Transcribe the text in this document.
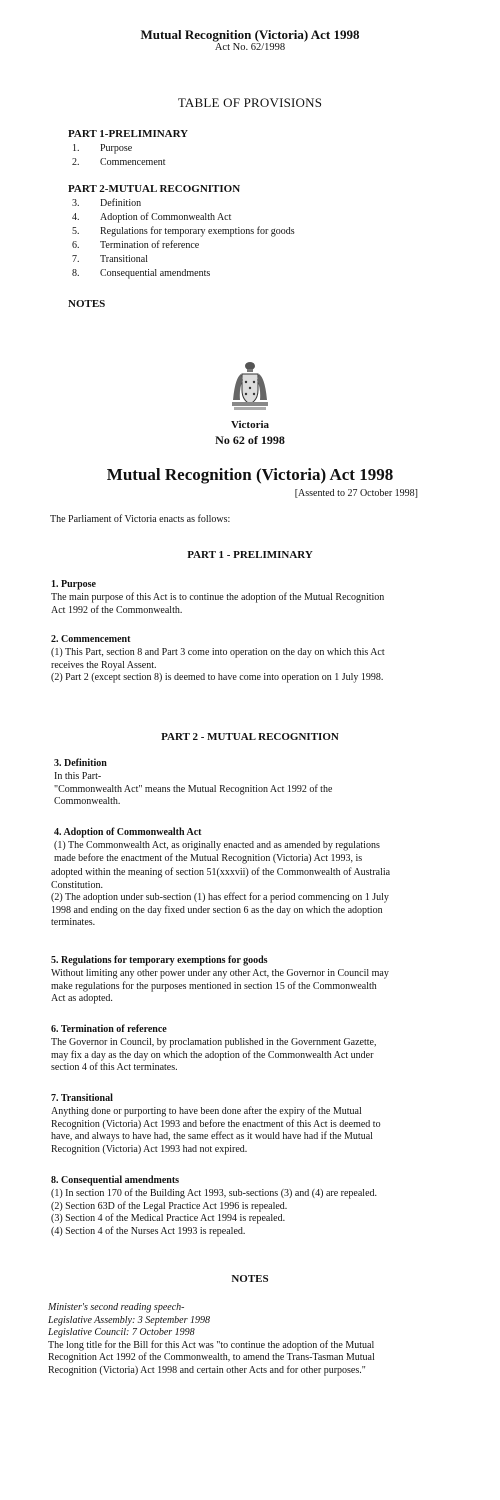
Mutual Recognition (Victoria) Act 1998
Act No. 62/1998
TABLE OF PROVISIONS
PART 1-PRELIMINARY
1. Purpose
2. Commencement
PART 2-MUTUAL RECOGNITION
3. Definition
4. Adoption of Commonwealth Act
5. Regulations for temporary exemptions for goods
6. Termination of reference
7. Transitional
8. Consequential amendments
NOTES
Victoria
No 62 of 1998
Mutual Recognition (Victoria) Act 1998
[Assented to 27 October 1998]
The Parliament of Victoria enacts as follows:
PART 1 - PRELIMINARY
1. Purpose
The main purpose of this Act is to continue the adoption of the Mutual Recognition
Act 1992 of the Commonwealth.
2. Commencement
(1) This Part, section 8 and Part 3 come into operation on the day on which this Act
receives the Royal Assent.
(2) Part 2 (except section 8) is deemed to have come into operation on 1 July 1998.
PART 2 - MUTUAL RECOGNITION
3. Definition
In this Part-
"Commonwealth Act" means the Mutual Recognition Act 1992 of the
Commonwealth.
4. Adoption of Commonwealth Act
(1) The Commonwealth Act, as originally enacted and as amended by regulations
made before the enactment of the Mutual Recognition (Victoria) Act 1993, is
adopted within the meaning of section 51(xxxvii) of the Commonwealth of Australia
Constitution.
(2) The adoption under sub-section (1) has effect for a period commencing on 1 July
1998 and ending on the day fixed under section 6 as the day on which the adoption
terminates.
5. Regulations for temporary exemptions for goods
Without limiting any other power under any other Act, the Governor in Council may
make regulations for the purposes mentioned in section 15 of the Commonwealth
Act as adopted.
6. Termination of reference
The Governor in Council, by proclamation published in the Government Gazette,
may fix a day as the day on which the adoption of the Commonwealth Act under
section 4 of this Act terminates.
7. Transitional
Anything done or purporting to have been done after the expiry of the Mutual
Recognition (Victoria) Act 1993 and before the enactment of this Act is deemed to
have, and always to have had, the same effect as it would have had if the Mutual
Recognition (Victoria) Act 1993 had not expired.
8. Consequential amendments
(1) In section 170 of the Building Act 1993, sub-sections (3) and (4) are repealed.
(2) Section 63D of the Legal Practice Act 1996 is repealed.
(3) Section 4 of the Medical Practice Act 1994 is repealed.
(4) Section 4 of the Nurses Act 1993 is repealed.
NOTES
Minister's second reading speech-
Legislative Assembly: 3 September 1998
Legislative Council: 7 October 1998
The long title for the Bill for this Act was "to continue the adoption of the Mutual
Recognition Act 1992 of the Commonwealth, to amend the Trans-Tasman Mutual
Recognition (Victoria) Act 1998 and certain other Acts and for other purposes."
